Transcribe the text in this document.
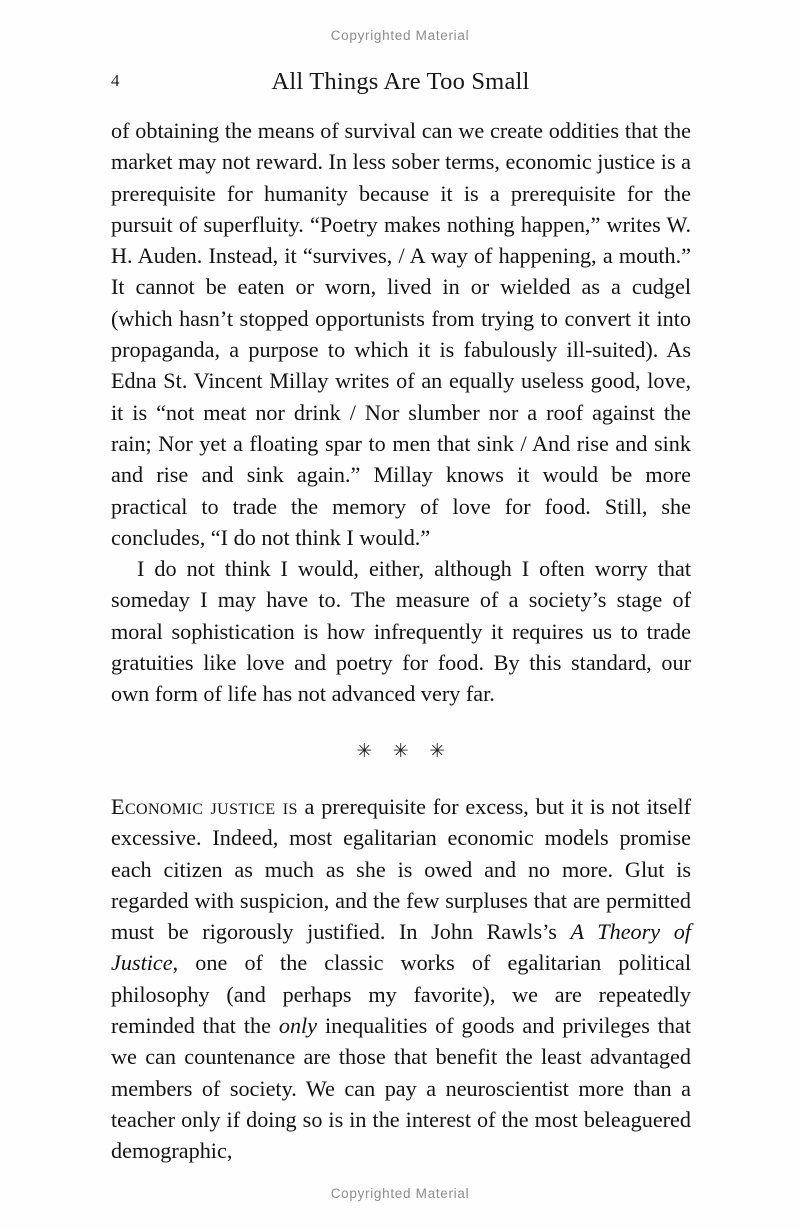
Copyrighted Material
4	All Things Are Too Small

of obtaining the means of survival can we create oddities that the market may not reward. In less sober terms, economic justice is a prerequisite for humanity because it is a prerequisite for the pursuit of superfluity. “Poetry makes nothing happen,” writes W. H. Auden. Instead, it “survives, / A way of happening, a mouth.” It cannot be eaten or worn, lived in or wielded as a cudgel (which hasn’t stopped opportunists from trying to convert it into propaganda, a purpose to which it is fabulously ill-suited). As Edna St. Vincent Millay writes of an equally useless good, love, it is “not meat nor drink / Nor slumber nor a roof against the rain; Nor yet a floating spar to men that sink / And rise and sink and rise and sink again.” Millay knows it would be more practical to trade the memory of love for food. Still, she concludes, “I do not think I would.”

I do not think I would, either, although I often worry that someday I may have to. The measure of a society’s stage of moral sophistication is how infrequently it requires us to trade gratuities like love and poetry for food. By this standard, our own form of life has not advanced very far.

✳ ✳ ✳

Economic justice is a prerequisite for excess, but it is not itself excessive. Indeed, most egalitarian economic models promise each citizen as much as she is owed and no more. Glut is regarded with suspicion, and the few surpluses that are permitted must be rigorously justified. In John Rawls’s A Theory of Justice, one of the classic works of egalitarian political philosophy (and perhaps my favorite), we are repeatedly reminded that the only inequalities of goods and privileges that we can countenance are those that benefit the least advantaged members of society. We can pay a neuroscientist more than a teacher only if doing so is in the interest of the most beleaguered demographic,

Copyrighted Material
